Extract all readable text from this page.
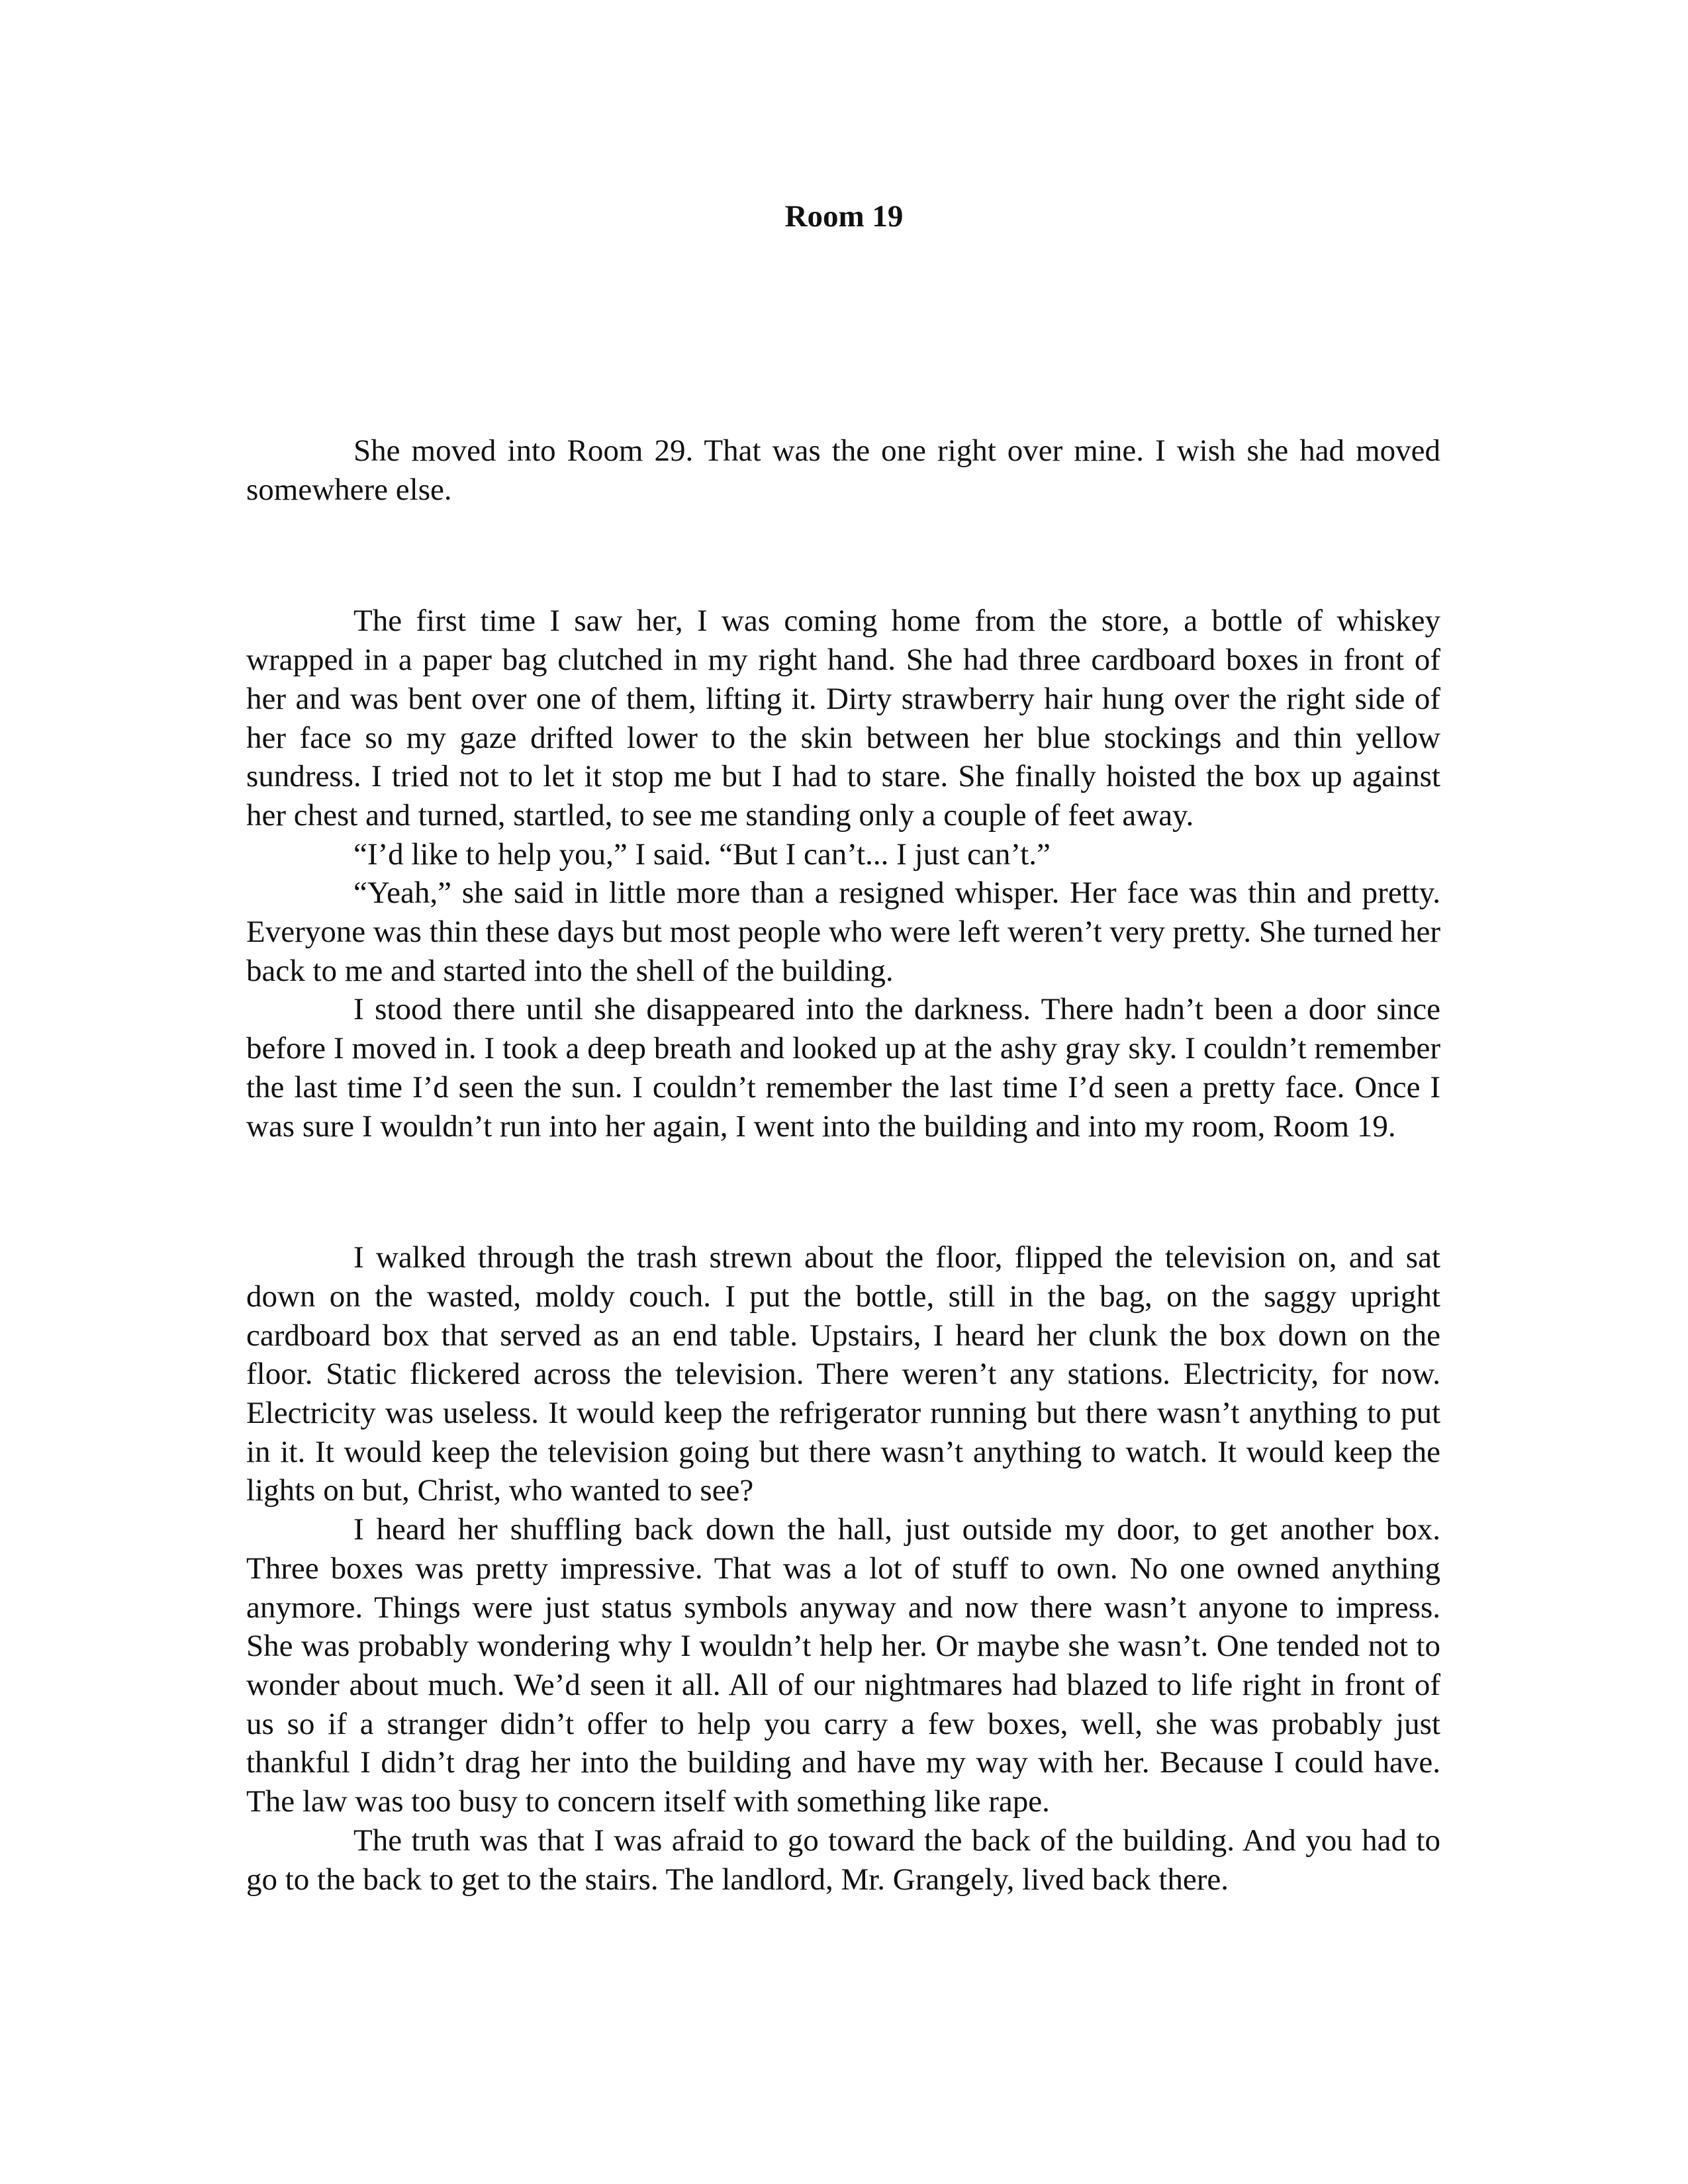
Room 19

She moved into Room 29. That was the one right over mine. I wish she had moved somewhere else.

The first time I saw her, I was coming home from the store, a bottle of whiskey wrapped in a paper bag clutched in my right hand. She had three cardboard boxes in front of her and was bent over one of them, lifting it. Dirty strawberry hair hung over the right side of her face so my gaze drifted lower to the skin between her blue stockings and thin yellow sundress. I tried not to let it stop me but I had to stare. She finally hoisted the box up against her chest and turned, startled, to see me standing only a couple of feet away.

“I’d like to help you,” I said. “But I can’t... I just can’t.”

“Yeah,” she said in little more than a resigned whisper. Her face was thin and pretty. Everyone was thin these days but most people who were left weren’t very pretty. She turned her back to me and started into the shell of the building.

I stood there until she disappeared into the darkness. There hadn’t been a door since before I moved in. I took a deep breath and looked up at the ashy gray sky. I couldn’t remember the last time I’d seen the sun. I couldn’t remember the last time I’d seen a pretty face. Once I was sure I wouldn’t run into her again, I went into the building and into my room, Room 19.

I walked through the trash strewn about the floor, flipped the television on, and sat down on the wasted, moldy couch. I put the bottle, still in the bag, on the saggy upright cardboard box that served as an end table. Upstairs, I heard her clunk the box down on the floor. Static flickered across the television. There weren’t any stations. Electricity, for now. Electricity was useless. It would keep the refrigerator running but there wasn’t anything to put in it. It would keep the television going but there wasn’t anything to watch. It would keep the lights on but, Christ, who wanted to see?

I heard her shuffling back down the hall, just outside my door, to get another box. Three boxes was pretty impressive. That was a lot of stuff to own. No one owned anything anymore. Things were just status symbols anyway and now there wasn’t anyone to impress. She was probably wondering why I wouldn’t help her. Or maybe she wasn’t. One tended not to wonder about much. We’d seen it all. All of our nightmares had blazed to life right in front of us so if a stranger didn’t offer to help you carry a few boxes, well, she was probably just thankful I didn’t drag her into the building and have my way with her. Because I could have. The law was too busy to concern itself with something like rape.

The truth was that I was afraid to go toward the back of the building. And you had to go to the back to get to the stairs. The landlord, Mr. Grangely, lived back there.
